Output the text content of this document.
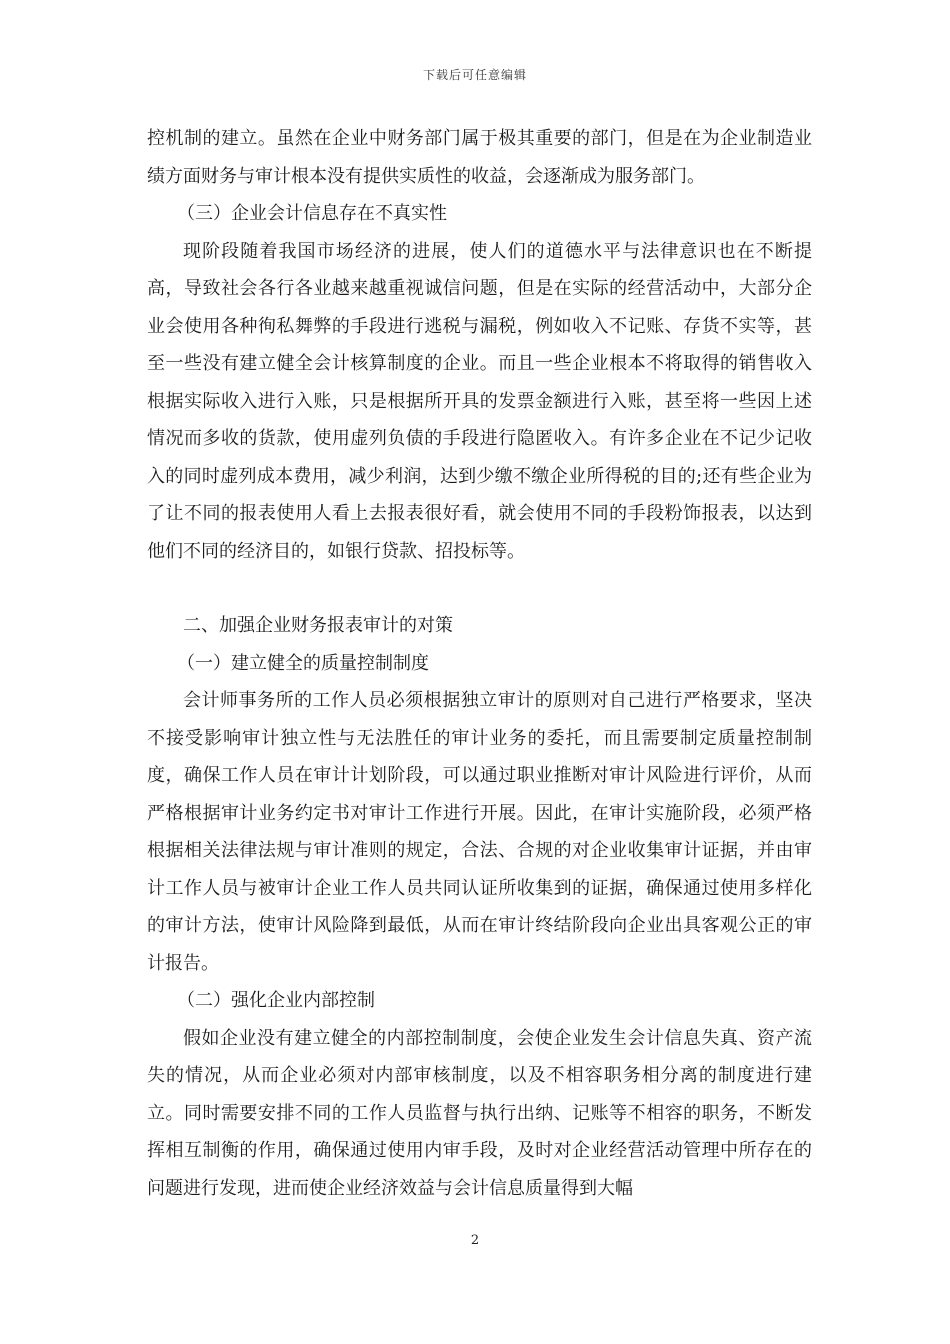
下载后可任意编辑

控机制的建立。虽然在企业中财务部门属于极其重要的部门，但是在为企业制造业绩方面财务与审计根本没有提供实质性的收益，会逐渐成为服务部门。

（三）企业会计信息存在不真实性

现阶段随着我国市场经济的进展，使人们的道德水平与法律意识也在不断提高，导致社会各行各业越来越重视诚信问题，但是在实际的经营活动中，大部分企业会使用各种徇私舞弊的手段进行逃税与漏税，例如收入不记账、存货不实等，甚至一些没有建立健全会计核算制度的企业。而且一些企业根本不将取得的销售收入根据实际收入进行入账，只是根据所开具的发票金额进行入账，甚至将一些因上述情况而多收的货款，使用虚列负债的手段进行隐匿收入。有许多企业在不记少记收入的同时虚列成本费用，减少利润，达到少缴不缴企业所得税的目的;还有些企业为了让不同的报表使用人看上去报表很好看，就会使用不同的手段粉饰报表，以达到他们不同的经济目的，如银行贷款、招投标等。

二、加强企业财务报表审计的对策

（一）建立健全的质量控制制度

会计师事务所的工作人员必须根据独立审计的原则对自己进行严格要求，坚决不接受影响审计独立性与无法胜任的审计业务的委托，而且需要制定质量控制制度，确保工作人员在审计计划阶段，可以通过职业推断对审计风险进行评价，从而严格根据审计业务约定书对审计工作进行开展。因此，在审计实施阶段，必须严格根据相关法律法规与审计准则的规定，合法、合规的对企业收集审计证据，并由审计工作人员与被审计企业工作人员共同认证所收集到的证据，确保通过使用多样化的审计方法，使审计风险降到最低，从而在审计终结阶段向企业出具客观公正的审计报告。

（二）强化企业内部控制

假如企业没有建立健全的内部控制制度，会使企业发生会计信息失真、资产流失的情况，从而企业必须对内部审核制度，以及不相容职务相分离的制度进行建立。同时需要安排不同的工作人员监督与执行出纳、记账等不相容的职务，不断发挥相互制衡的作用，确保通过使用内审手段，及时对企业经营活动管理中所存在的问题进行发现，进而使企业经济效益与会计信息质量得到大幅

2
